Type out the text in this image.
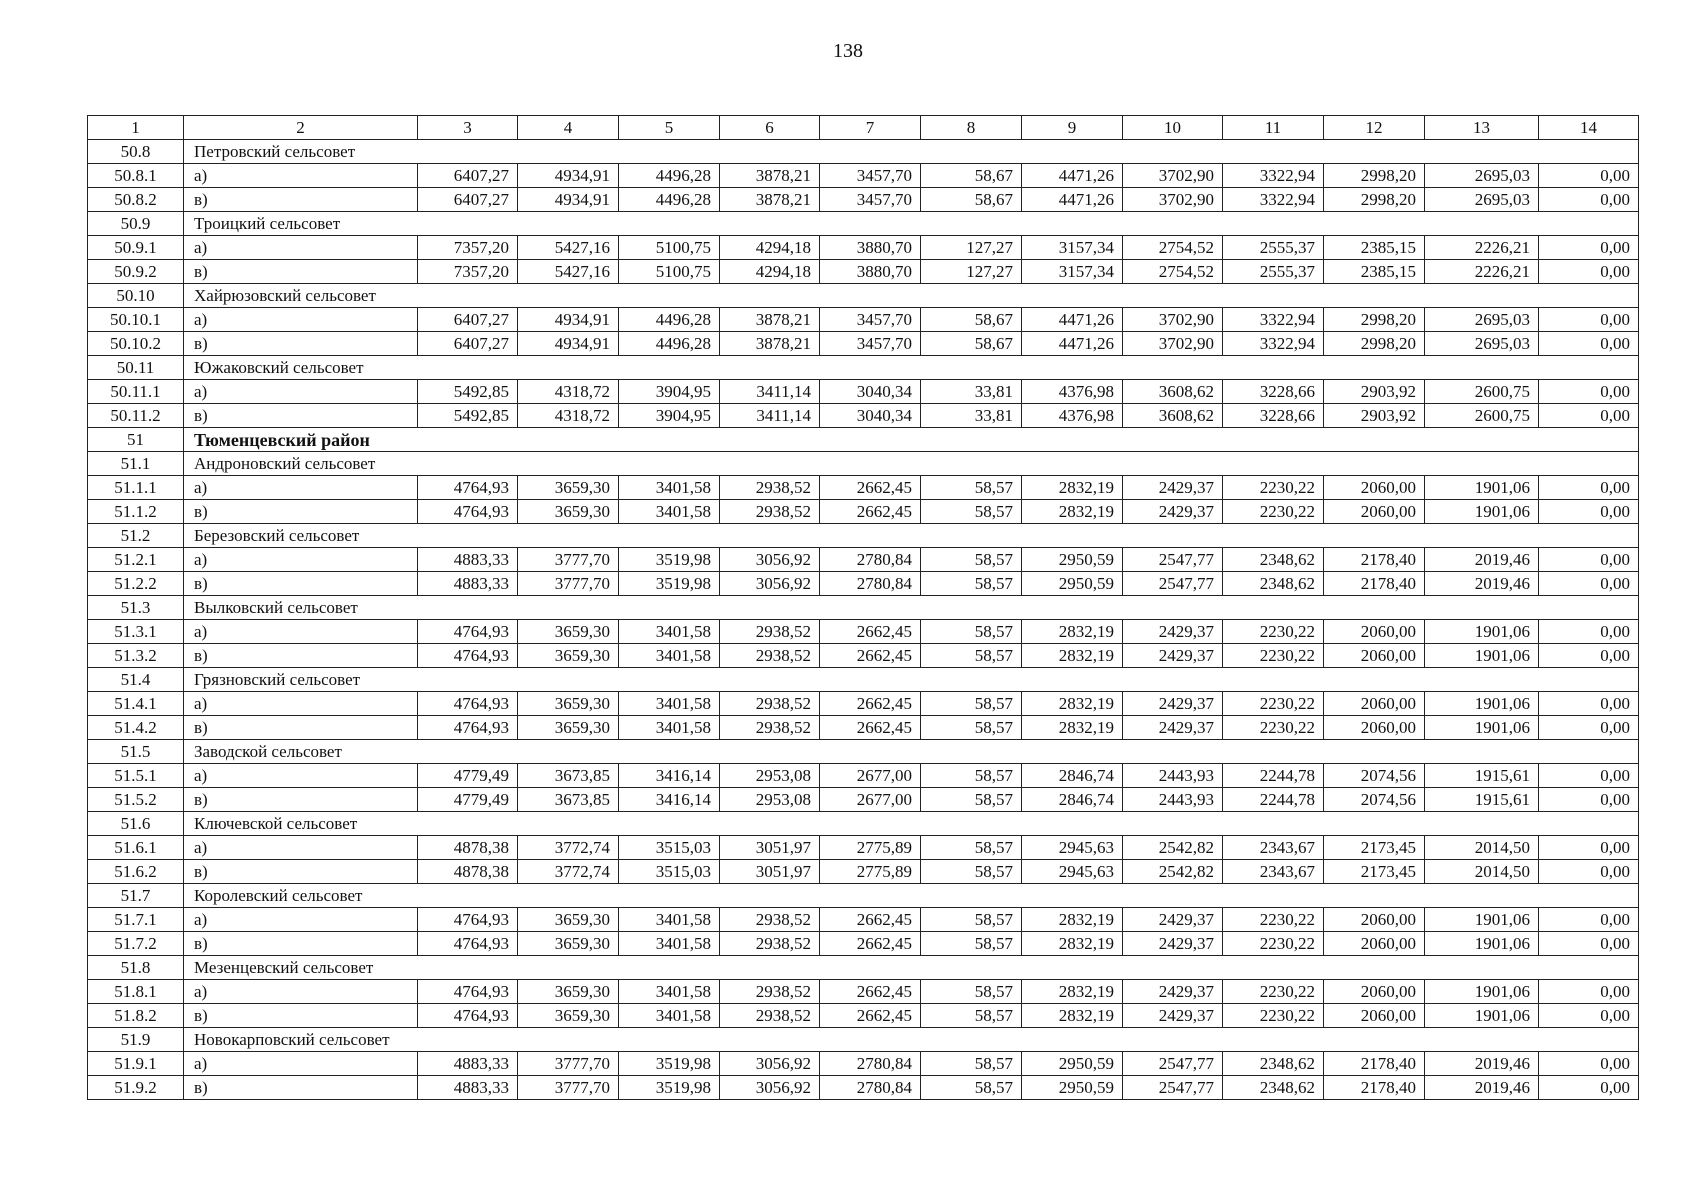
138
1	2	3	4	5	6	7	8	9	10	11	12	13	14
50.8	Петровский сельсовет												
50.8.1	а)	6407,27	4934,91	4496,28	3878,21	3457,70	58,67	4471,26	3702,90	3322,94	2998,20	2695,03	0,00
50.8.2	в)	6407,27	4934,91	4496,28	3878,21	3457,70	58,67	4471,26	3702,90	3322,94	2998,20	2695,03	0,00
50.9	Троицкий сельсовет												
50.9.1	а)	7357,20	5427,16	5100,75	4294,18	3880,70	127,27	3157,34	2754,52	2555,37	2385,15	2226,21	0,00
50.9.2	в)	7357,20	5427,16	5100,75	4294,18	3880,70	127,27	3157,34	2754,52	2555,37	2385,15	2226,21	0,00
50.10	Хайрюзовский сельсовет												
50.10.1	а)	6407,27	4934,91	4496,28	3878,21	3457,70	58,67	4471,26	3702,90	3322,94	2998,20	2695,03	0,00
50.10.2	в)	6407,27	4934,91	4496,28	3878,21	3457,70	58,67	4471,26	3702,90	3322,94	2998,20	2695,03	0,00
50.11	Южаковский сельсовет												
50.11.1	а)	5492,85	4318,72	3904,95	3411,14	3040,34	33,81	4376,98	3608,62	3228,66	2903,92	2600,75	0,00
50.11.2	в)	5492,85	4318,72	3904,95	3411,14	3040,34	33,81	4376,98	3608,62	3228,66	2903,92	2600,75	0,00
51	Тюменцевский район												
51.1	Андроновский сельсовет												
51.1.1	а)	4764,93	3659,30	3401,58	2938,52	2662,45	58,57	2832,19	2429,37	2230,22	2060,00	1901,06	0,00
51.1.2	в)	4764,93	3659,30	3401,58	2938,52	2662,45	58,57	2832,19	2429,37	2230,22	2060,00	1901,06	0,00
51.2	Березовский сельсовет												
51.2.1	а)	4883,33	3777,70	3519,98	3056,92	2780,84	58,57	2950,59	2547,77	2348,62	2178,40	2019,46	0,00
51.2.2	в)	4883,33	3777,70	3519,98	3056,92	2780,84	58,57	2950,59	2547,77	2348,62	2178,40	2019,46	0,00
51.3	Вылковский сельсовет												
51.3.1	а)	4764,93	3659,30	3401,58	2938,52	2662,45	58,57	2832,19	2429,37	2230,22	2060,00	1901,06	0,00
51.3.2	в)	4764,93	3659,30	3401,58	2938,52	2662,45	58,57	2832,19	2429,37	2230,22	2060,00	1901,06	0,00
51.4	Грязновский сельсовет												
51.4.1	а)	4764,93	3659,30	3401,58	2938,52	2662,45	58,57	2832,19	2429,37	2230,22	2060,00	1901,06	0,00
51.4.2	в)	4764,93	3659,30	3401,58	2938,52	2662,45	58,57	2832,19	2429,37	2230,22	2060,00	1901,06	0,00
51.5	Заводской сельсовет												
51.5.1	а)	4779,49	3673,85	3416,14	2953,08	2677,00	58,57	2846,74	2443,93	2244,78	2074,56	1915,61	0,00
51.5.2	в)	4779,49	3673,85	3416,14	2953,08	2677,00	58,57	2846,74	2443,93	2244,78	2074,56	1915,61	0,00
51.6	Ключевской сельсовет												
51.6.1	а)	4878,38	3772,74	3515,03	3051,97	2775,89	58,57	2945,63	2542,82	2343,67	2173,45	2014,50	0,00
51.6.2	в)	4878,38	3772,74	3515,03	3051,97	2775,89	58,57	2945,63	2542,82	2343,67	2173,45	2014,50	0,00
51.7	Королевский сельсовет												
51.7.1	а)	4764,93	3659,30	3401,58	2938,52	2662,45	58,57	2832,19	2429,37	2230,22	2060,00	1901,06	0,00
51.7.2	в)	4764,93	3659,30	3401,58	2938,52	2662,45	58,57	2832,19	2429,37	2230,22	2060,00	1901,06	0,00
51.8	Мезенцевский сельсовет												
51.8.1	а)	4764,93	3659,30	3401,58	2938,52	2662,45	58,57	2832,19	2429,37	2230,22	2060,00	1901,06	0,00
51.8.2	в)	4764,93	3659,30	3401,58	2938,52	2662,45	58,57	2832,19	2429,37	2230,22	2060,00	1901,06	0,00
51.9	Новокарповский сельсовет												
51.9.1	а)	4883,33	3777,70	3519,98	3056,92	2780,84	58,57	2950,59	2547,77	2348,62	2178,40	2019,46	0,00
51.9.2	в)	4883,33	3777,70	3519,98	3056,92	2780,84	58,57	2950,59	2547,77	2348,62	2178,40	2019,46	0,00
